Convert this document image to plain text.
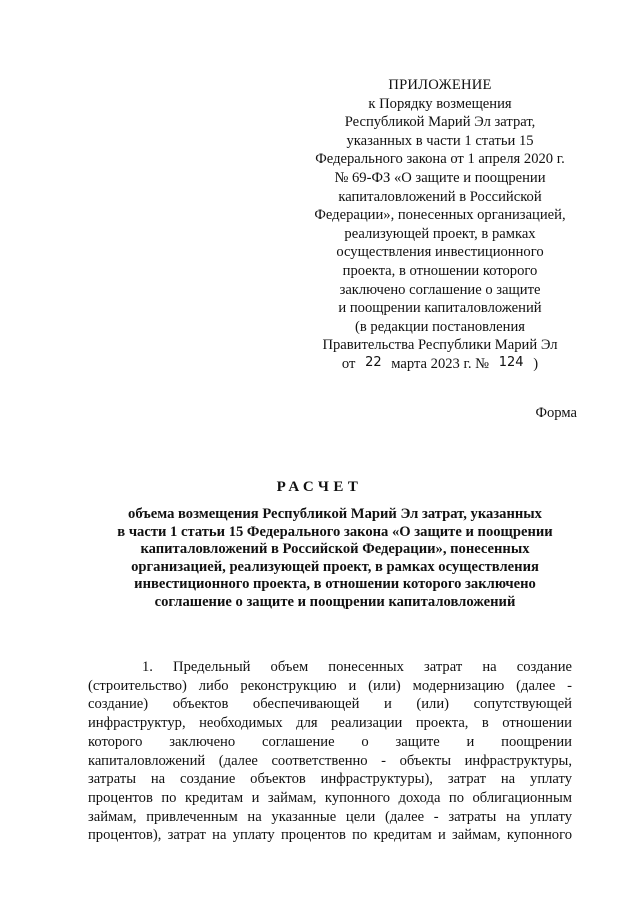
ПРИЛОЖЕНИЕ
к Порядку возмещения
Республикой Марий Эл затрат,
указанных в части 1 статьи 15
Федерального закона от 1 апреля 2020 г.
№ 69-ФЗ «О защите и поощрении
капиталовложений в Российской
Федерации», понесенных организацией,
реализующей проект, в рамках
осуществления инвестиционного
проекта, в отношении которого
заключено соглашение о защите
и поощрении капиталовложений
(в редакции постановления
Правительства Республики Марий Эл
от 22 марта 2023 г. № 124 )
Форма
РАСЧЕТ
объема возмещения Республикой Марий Эл затрат, указанных
в части 1 статьи 15 Федерального закона «О защите и поощрении
капиталовложений в Российской Федерации», понесенных
организацией, реализующей проект, в рамках осуществления
инвестиционного проекта, в отношении которого заключено
соглашение о защите и поощрении капиталовложений
1. Предельный объем понесенных затрат на создание
(строительство) либо реконструкцию и (или) модернизацию (далее -
создание) объектов обеспечивающей и (или) сопутствующей
инфраструктур, необходимых для реализации проекта, в отношении
которого заключено соглашение о защите и поощрении
капиталовложений (далее соответственно - объекты инфраструктуры,
затраты на создание объектов инфраструктуры), затрат на уплату
процентов по кредитам и займам, купонного дохода по облигационным
займам, привлеченным на указанные цели (далее - затраты на уплату
процентов), затрат на уплату процентов по кредитам и займам, купонного
